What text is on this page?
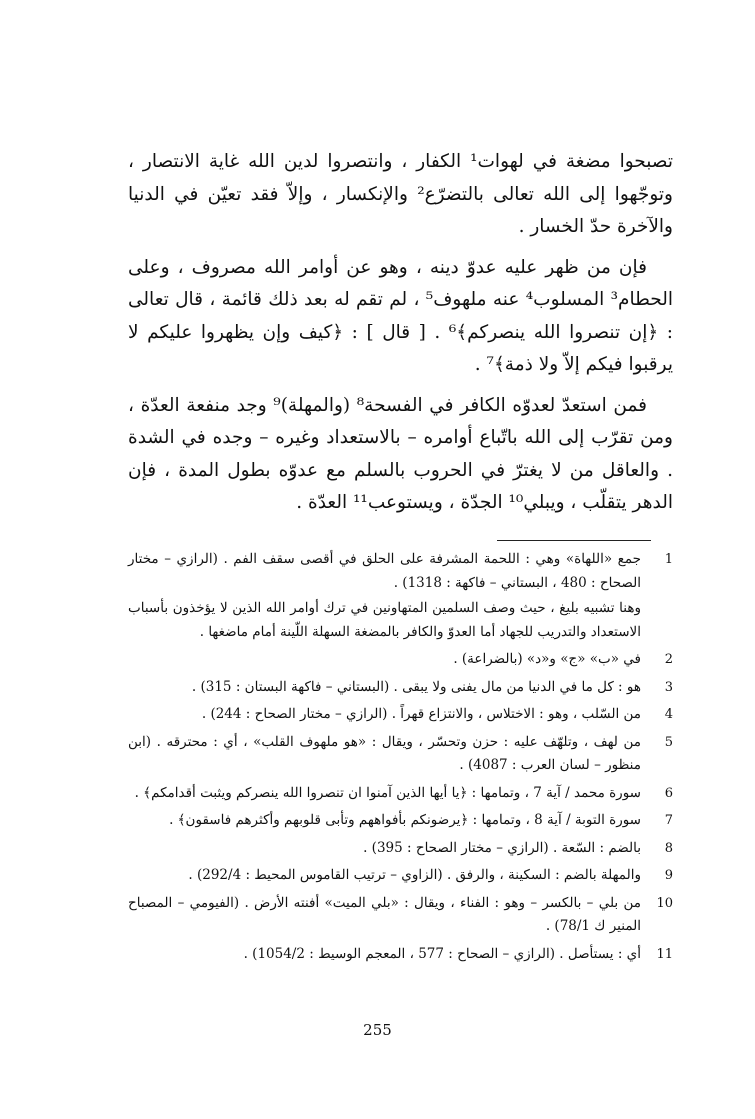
تصبحوا مضغة في لهوات¹ الكفار ، وانتصروا لدين الله غاية الانتصار ، وتوجّهوا إلى الله تعالى بالتضرّع² والإنكسار ، وإلاّ فقد تعيّن في الدنيا والآخرة حدّ الخسار .

فإن من ظهر عليه عدوّ دينه ، وهو عن أوامر الله مصروف ، وعلى الحطام³ المسلوب⁴ عنه ملهوف⁵ ، لم تقم له بعد ذلك قائمة ، قال تعالى : ﴿إن تنصروا الله ينصركم﴾⁶ . [ قال ] : ﴿كيف وإن يظهروا عليكم لا يرقبوا فيكم إلاّ ولا ذمة﴾⁷ .

فمن استعدّ لعدوّه الكافر في الفسحة⁸ (والمهلة)⁹ وجد منفعة العدّة ، ومن تقرّب إلى الله باتّباع أوامره – بالاستعداد وغيره – وجده في الشدة . والعاقل من لا يغترّ في الحروب بالسلم مع عدوّه بطول المدة ، فإن الدهر يتقلّب ، ويبلي¹⁰ الجدّة ، ويستوعب¹¹ العدّة .

1
جمع «اللهاة» وهي : اللحمة المشرفة على الحلق في أقصى سقف الفم . (الرازي – مختار الصحاح : 480 ، البستاني – فاكهة : 1318) .
وهنا تشبيه بليغ ، حيث وصف السلمين المتهاونين في ترك أوامر الله الذين لا يؤخذون بأسباب الاستعداد والتدريب للجهاد أما العدوّ والكافر بالمضغة السهلة اللّينة أمام ماضغها .
2
في «ب» «ج» و«د» (بالضراعة) .
3
هو : كل ما في الدنيا من مال يفنى ولا يبقى . (البستاني – فاكهة البستان : 315) .
4
من السّلب ، وهو : الاختلاس ، والانتزاع قهراً . (الرازي – مختار الصحاح : 244) .
5
من لهف ، وتلهّف عليه : حزن وتحسّر ، ويقال : «هو ملهوف القلب» ، أي : محترقه . (ابن منظور – لسان العرب : 4087) .
6
سورة محمد / آية 7 ، وتمامها : ﴿يا أيها الذين آمنوا ان تنصروا الله ينصركم ويثبت أقدامكم﴾ .
7
سورة التوبة / آية 8 ، وتمامها : ﴿يرضونكم بأفواههم وتأبى قلوبهم وأكثرهم فاسقون﴾ .
8
بالضم : السّعة . (الرازي – مختار الصحاح : 395) .
9
والمهلة بالضم : السكينة ، والرفق . (الزاوي – ترتيب القاموس المحيط : 292/4) .
10
من بلي – بالكسر – وهو : الفناء ، ويقال : «بلي الميت» أفنته الأرض . (الفيومي – المصباح المنير ك 78/1) .
11
أي : يستأصل . (الرازي – الصحاح : 577 ، المعجم الوسيط : 1054/2) .
255
